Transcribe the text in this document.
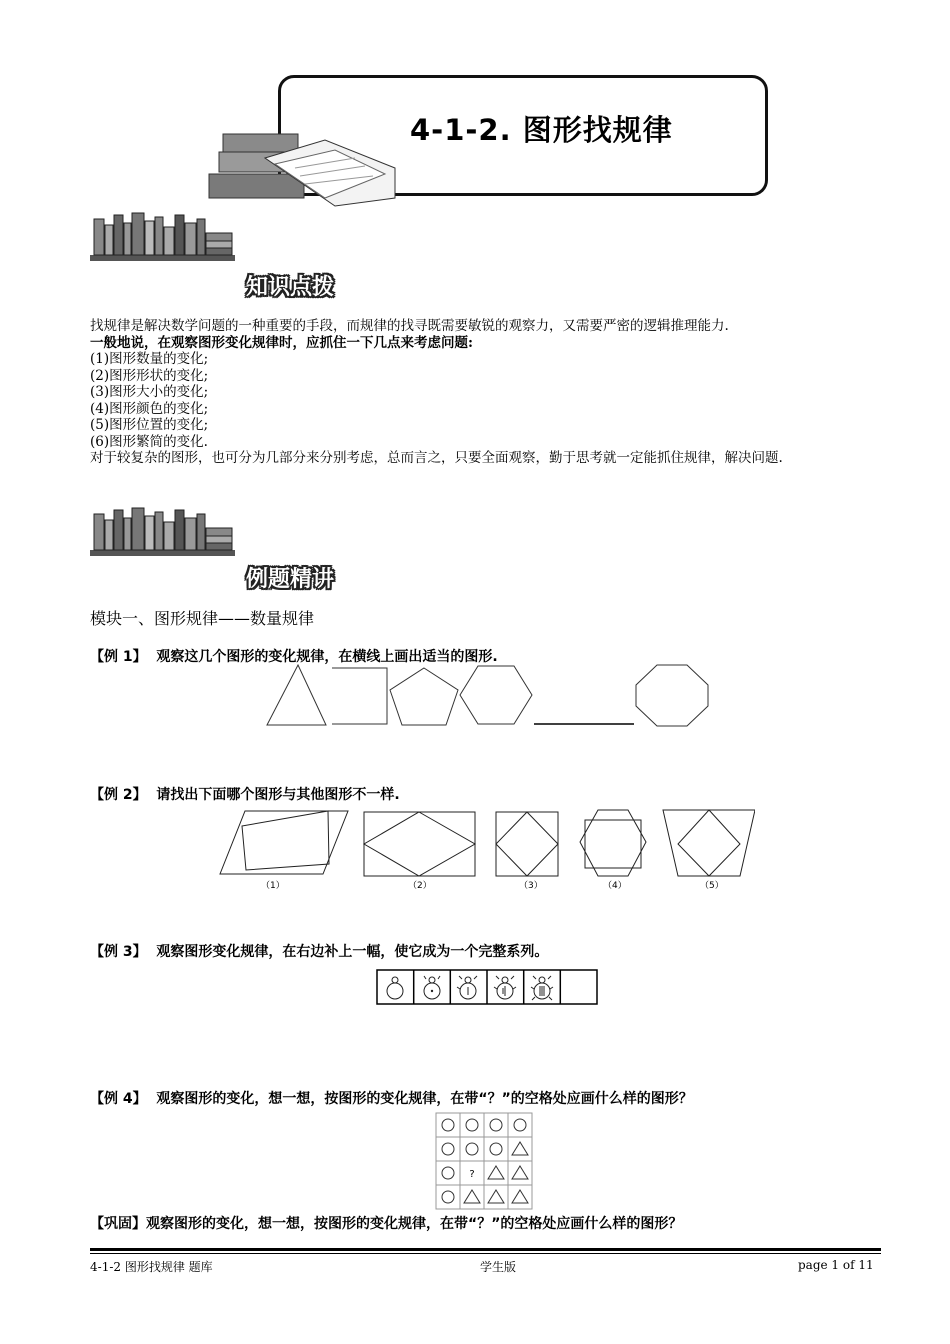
4-1-2. 图形找规律
知识点拨

找规律是解决数学问题的一种重要的手段，而规律的找寻既需要敏锐的观察力，又需要严密的逻辑推理能力.

一般地说，在观察图形变化规律时，应抓住一下几点来考虑问题:

(1)图形数量的变化;

(2)图形形状的变化;

(3)图形大小的变化;

(4)图形颜色的变化;

(5)图形位置的变化;

(6)图形繁简的变化.

对于较复杂的图形，也可分为几部分来分别考虑，总而言之，只要全面观察，勤于思考就一定能抓住规律，解决问题.

例题精讲
模块一、图形规律——数量规律
【例 1】 观察这几个图形的变化规律，在横线上画出适当的图形.
【例 2】 请找出下面哪个图形与其他图形不一样.
（1）	（2）	（3）	（4）	（5）
【例 3】 观察图形变化规律，在右边补上一幅，使它成为一个完整系列。
【例 4】 观察图形的变化，想一想，按图形的变化规律，在带“？”的空格处应画什么样的图形？
?
【巩固】观察图形的变化，想一想，按图形的变化规律，在带“？”的空格处应画什么样的图形？
4-1-2 图形找规律 题库	学生版	page 1 of 11
